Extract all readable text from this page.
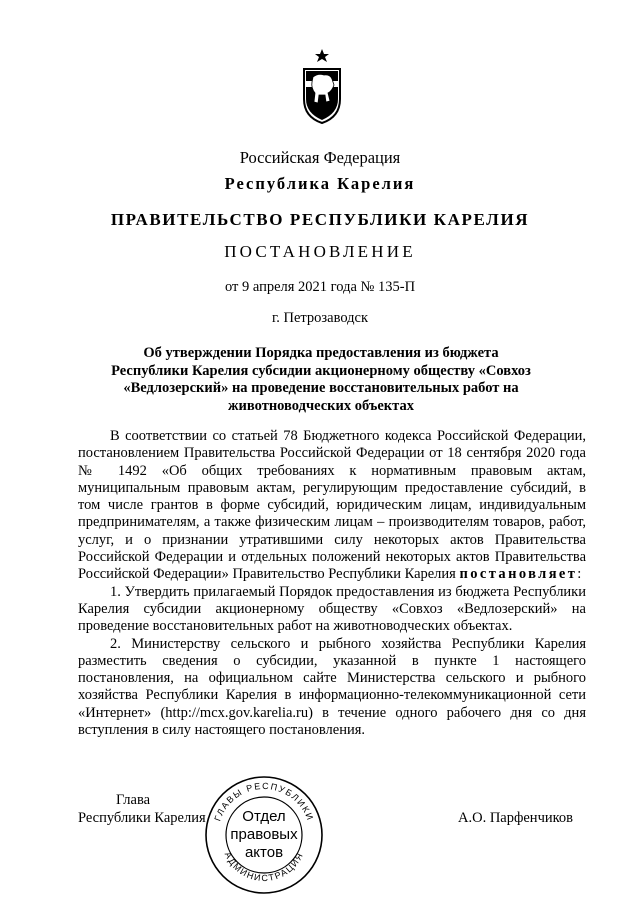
Российская Федерация
Республика Карелия
ПРАВИТЕЛЬСТВО РЕСПУБЛИКИ КАРЕЛИЯ
ПОСТАНОВЛЕНИЕ
от 9 апреля 2021 года № 135-П
г. Петрозаводск
Об утверждении Порядка предоставления из бюджета Республики Карелия субсидии акционерному обществу «Совхоз «Ведлозерский» на проведение восстановительных работ на животноводческих объектах

В соответствии со статьей 78 Бюджетного кодекса Российской Федерации, постановлением Правительства Российской Федерации от 18 сентября 2020 года № 1492 «Об общих требованиях к нормативным правовым актам, муниципальным правовым актам, регулирующим предоставление субсидий, в том числе грантов в форме субсидий, юридическим лицам, индивидуальным предпринимателям, а также физическим лицам – производителям товаров, работ, услуг, и о признании утратившими силу некоторых актов Правительства Российской Федерации и отдельных положений некоторых актов Правительства Российской Федерации» Правительство Республики Карелия постановляет:

1. Утвердить прилагаемый Порядок предоставления из бюджета Республики Карелия субсидии акционерному обществу «Совхоз «Ведлозерский» на проведение восстановительных работ на животноводческих объектах.

2. Министерству сельского и рыбного хозяйства Республики Карелия разместить сведения о субсидии, указанной в пункте 1 настоящего постановления, на официальном сайте Министерства сельского и рыбного хозяйства Республики Карелия в информационно-телекоммуникационной сети «Интернет» (http://mcx.gov.karelia.ru) в течение одного рабочего дня со дня вступления в силу настоящего постановления.

Глава
Республики Карелия	А.О. Парфенчиков
ГЛАВЫ РЕСПУБЛИКИ
АДМИНИСТРАЦИЯ
Отдел
правовых
актов
